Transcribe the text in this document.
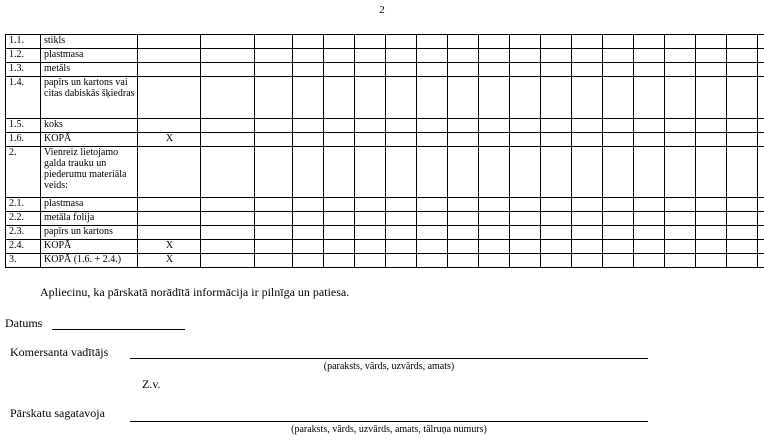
2
1.1.	stikls																				
1.2.	plastmasa																				
1.3.	metāls																				
1.4.	papīrs un kartons vai citas dabiskās šķiedras																				
1.5.	koks																				
1.6.	KOPĀ	X																			
2.	Vienreiz lietojamo galda trauku un piederumu materiāla veids:																				
2.1.	plastmasa																				
2.2.	metāla folija																				
2.3.	papīrs un kartons																				
2.4.	KOPĀ	X																			
3.	KOPĀ (1.6. + 2.4.)	X																			
Apliecinu, ka pārskatā norādītā informācija ir pilnīga un patiesa.
Datums
Komersanta vadītājs
(paraksts, vārds, uzvārds, amats)
Z.v.
Pārskatu sagatavoja
(paraksts, vārds, uzvārds, amats, tālruņa numurs)
